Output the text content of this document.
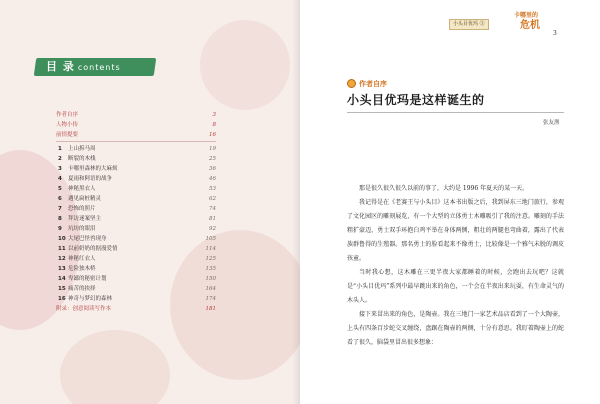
目 录 contents
作者自序	3
人物小传	8
前情提要	16
1 上山拆马周	19
2 断裂的木栈	25
3 卡哪里森林的大麻烦	36
4 夏雨和阿语的战争	46
5 神秘黑衣人	53
6 遇见扁桩精灵	62
7 恐怖的照片	74
8 拜访迷案坚主	81
9 坑坊的眼泪	92
10 大尾巴怪兽现身	105
11 以前奶奶的据漫爱情	114
12 神秘红衣人	125
13 危险独木桥	135
14 卑鄙的秘密计划	150
15 痛苦的抉择	164
16 神奇与梦幻的森林	174
附录：创意阅读写作本	181
小头目优玛 ③
卡哪里的
危机
3
作者自序
小头目优玛是这样诞生的
张友渔

那是很久很久很久以前的事了，大约是 1996 年夏天的某一天。

我记得是在《老赛王与小头目》这本书出版之后，我到屏东三地门旅行，参观了文化园区的雕刻展览，有一个大型的立体勇士木雕吸引了我的注意。雕刻的手法粗犷豪迈，勇士双手环抱白鸡平举在身体两侧，粗壮的两腿也弯曲着，露出了代表族群鲁得的生殖器。那名勇士的脸看起来不像勇士，比较像是一个雅气未脱的调皮孩童。

当时我心想，这木雕在三更半夜大家都睡着的时候，会跑出去玩吧？这就是“小头目优玛”系列中最早跳出来的角色，一个会在半夜出来玩耍，有生命灵气的木头人。

接下来冒出来的角色，是陶壶。我在三地门一家艺术品店看到了一个大陶壶，上头有四条百步蛇交叉缠绕，盘踞在陶壶的两侧，十分有意思。我盯着陶壶上的蛇看了很久，脑袋里冒出很多想象：
